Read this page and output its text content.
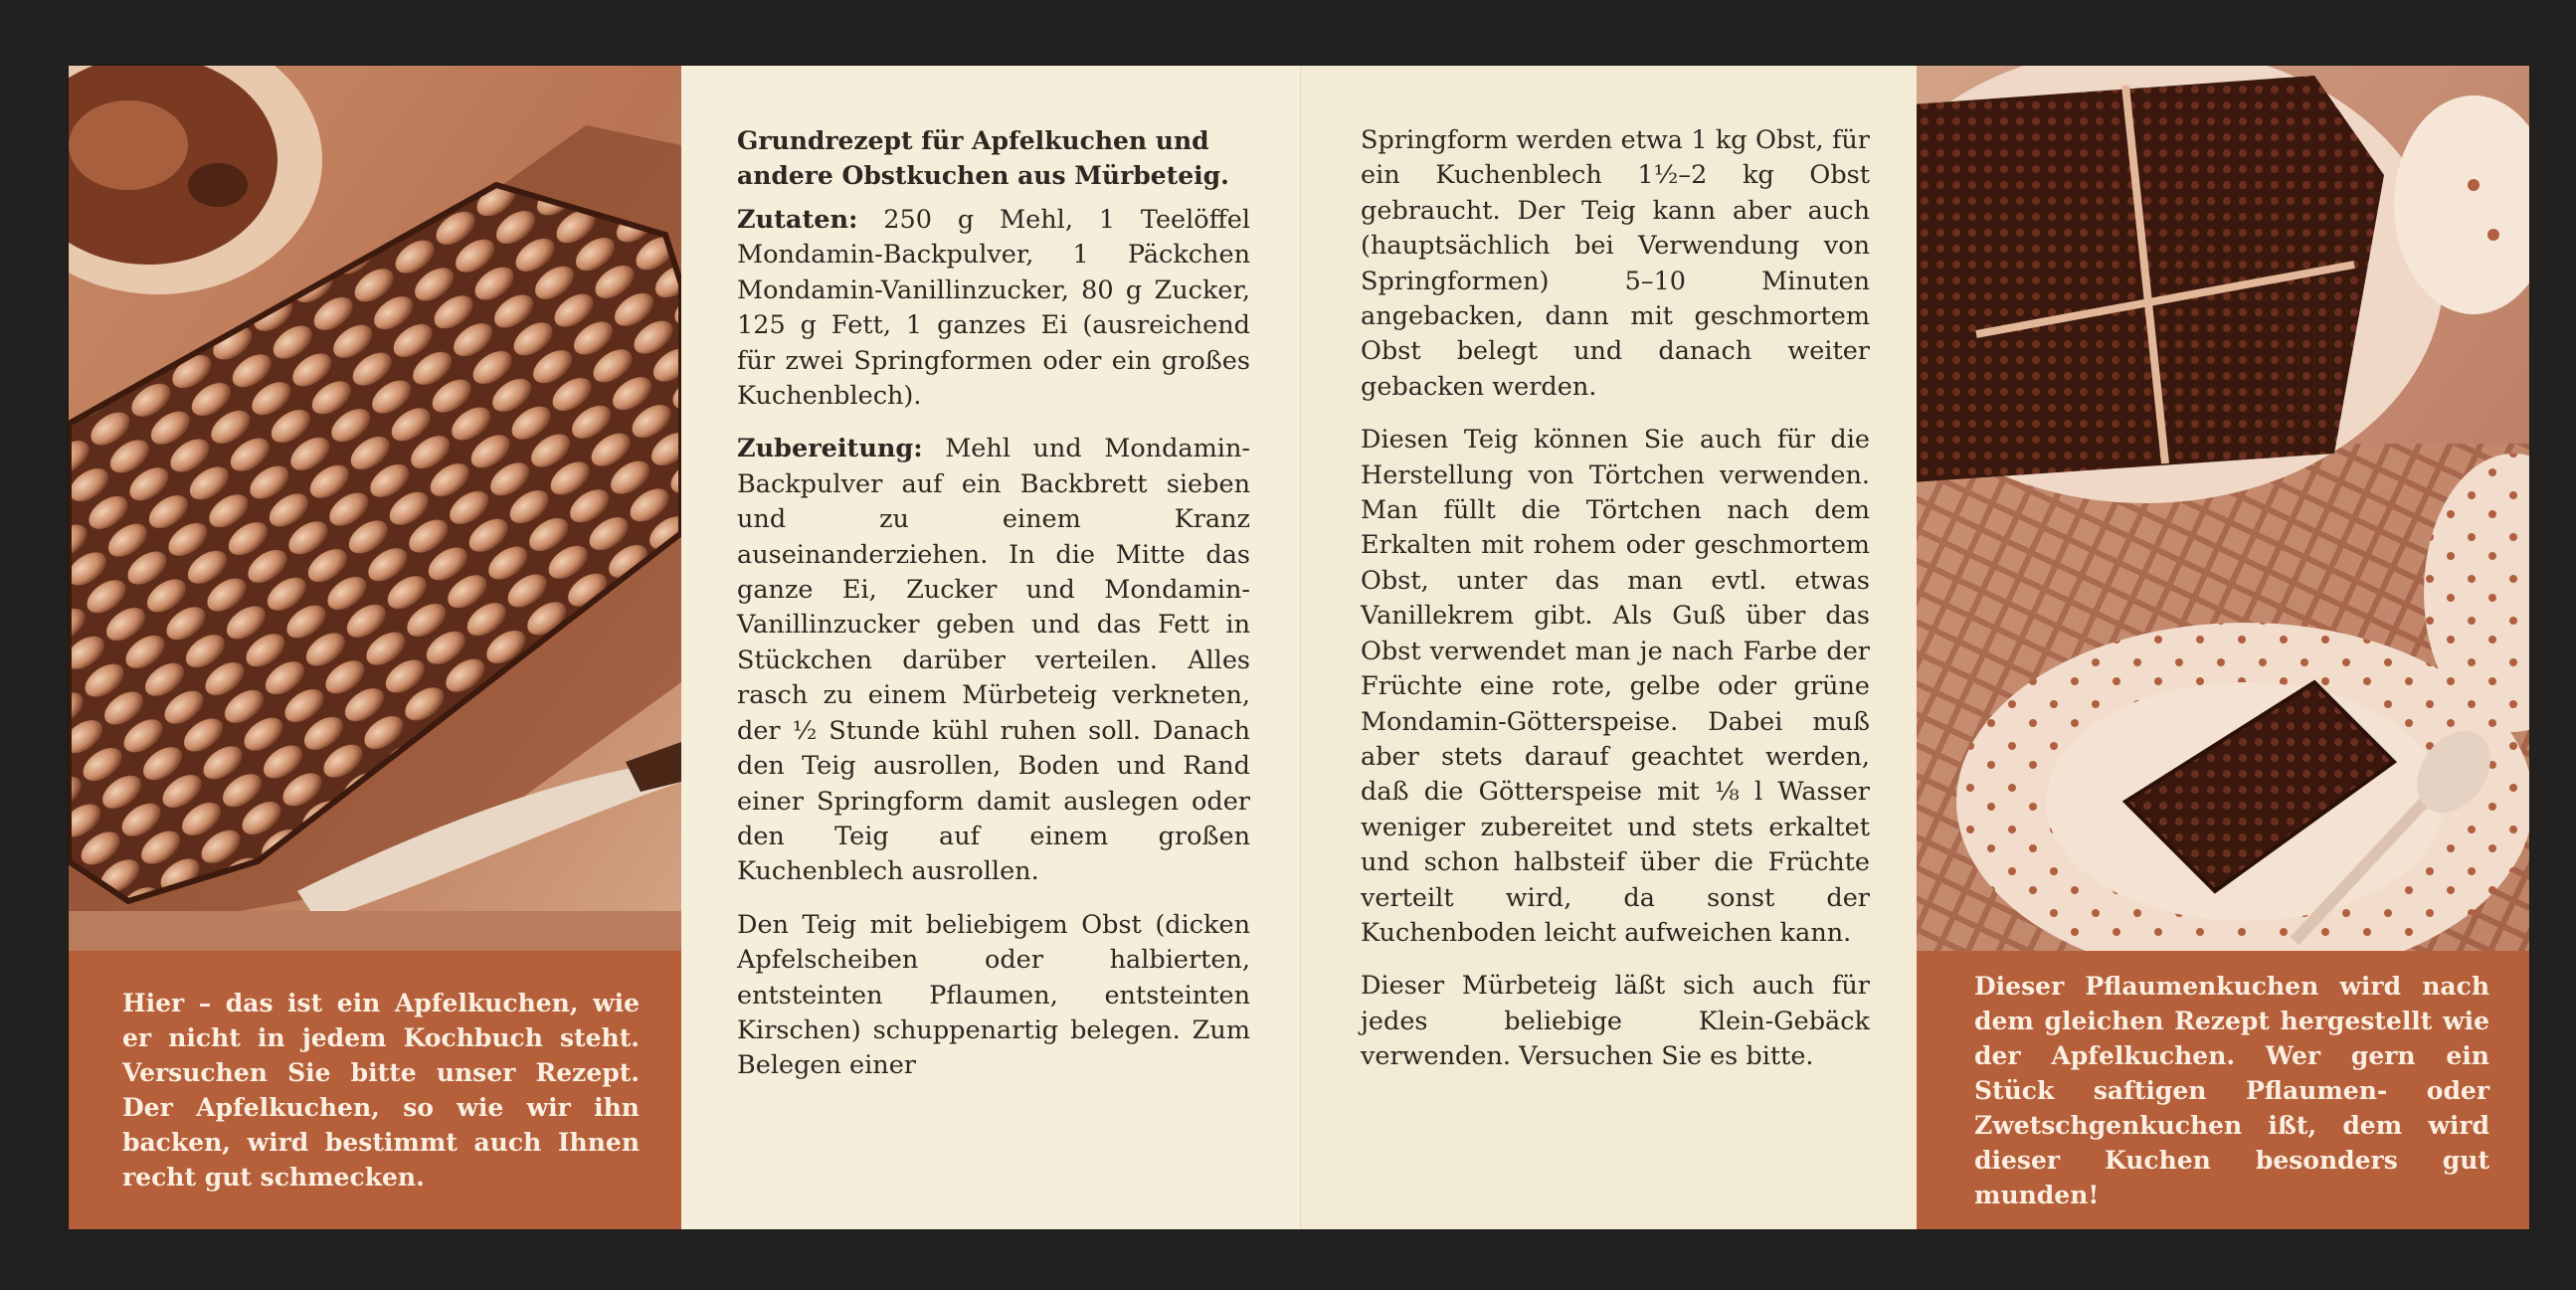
Hier – das ist ein Apfelkuchen, wie er nicht in jedem Kochbuch steht. Versuchen Sie bitte unser Rezept. Der Apfelkuchen, so wie wir ihn backen, wird bestimmt auch Ihnen recht gut schmecken.

Grundrezept für Apfelkuchen und andere Obstkuchen aus Mürbeteig.

Zutaten: 250 g Mehl, 1 Teelöffel Mondamin-Backpulver, 1 Päckchen Mondamin-Vanillinzucker, 80 g Zucker, 125 g Fett, 1 ganzes Ei (ausreichend für zwei Springformen oder ein großes Kuchenblech).

Zubereitung: Mehl und Mondamin-Backpulver auf ein Backbrett sieben und zu einem Kranz auseinanderziehen. In die Mitte das ganze Ei, Zucker und Mondamin-Vanillinzucker geben und das Fett in Stückchen darüber verteilen. Alles rasch zu einem Mürbeteig verkneten, der ½ Stunde kühl ruhen soll. Danach den Teig ausrollen, Boden und Rand einer Springform damit auslegen oder den Teig auf einem großen Kuchenblech ausrollen.

Den Teig mit beliebigem Obst (dicken Apfelscheiben oder halbierten, entsteinten Pflaumen, entsteinten Kirschen) schuppenartig belegen. Zum Belegen einer

Springform werden etwa 1 kg Obst, für ein Kuchenblech 1½–2 kg Obst gebraucht. Der Teig kann aber auch (hauptsächlich bei Verwendung von Springformen) 5–10 Minuten angebacken, dann mit geschmortem Obst belegt und danach weiter gebacken werden.

Diesen Teig können Sie auch für die Herstellung von Törtchen verwenden. Man füllt die Törtchen nach dem Erkalten mit rohem oder geschmortem Obst, unter das man evtl. etwas Vanillekrem gibt. Als Guß über das Obst verwendet man je nach Farbe der Früchte eine rote, gelbe oder grüne Mondamin-Götterspeise. Dabei muß aber stets darauf geachtet werden, daß die Götterspeise mit ⅛ l Wasser weniger zubereitet und stets erkaltet und schon halbsteif über die Früchte verteilt wird, da sonst der Kuchenboden leicht aufweichen kann.

Dieser Mürbeteig läßt sich auch für jedes beliebige Klein-Gebäck verwenden. Versuchen Sie es bitte.

Dieser Pflaumenkuchen wird nach dem gleichen Rezept hergestellt wie der Apfelkuchen. Wer gern ein Stück saftigen Pflaumen- oder Zwetschgenkuchen ißt, dem wird dieser Kuchen besonders gut munden!
